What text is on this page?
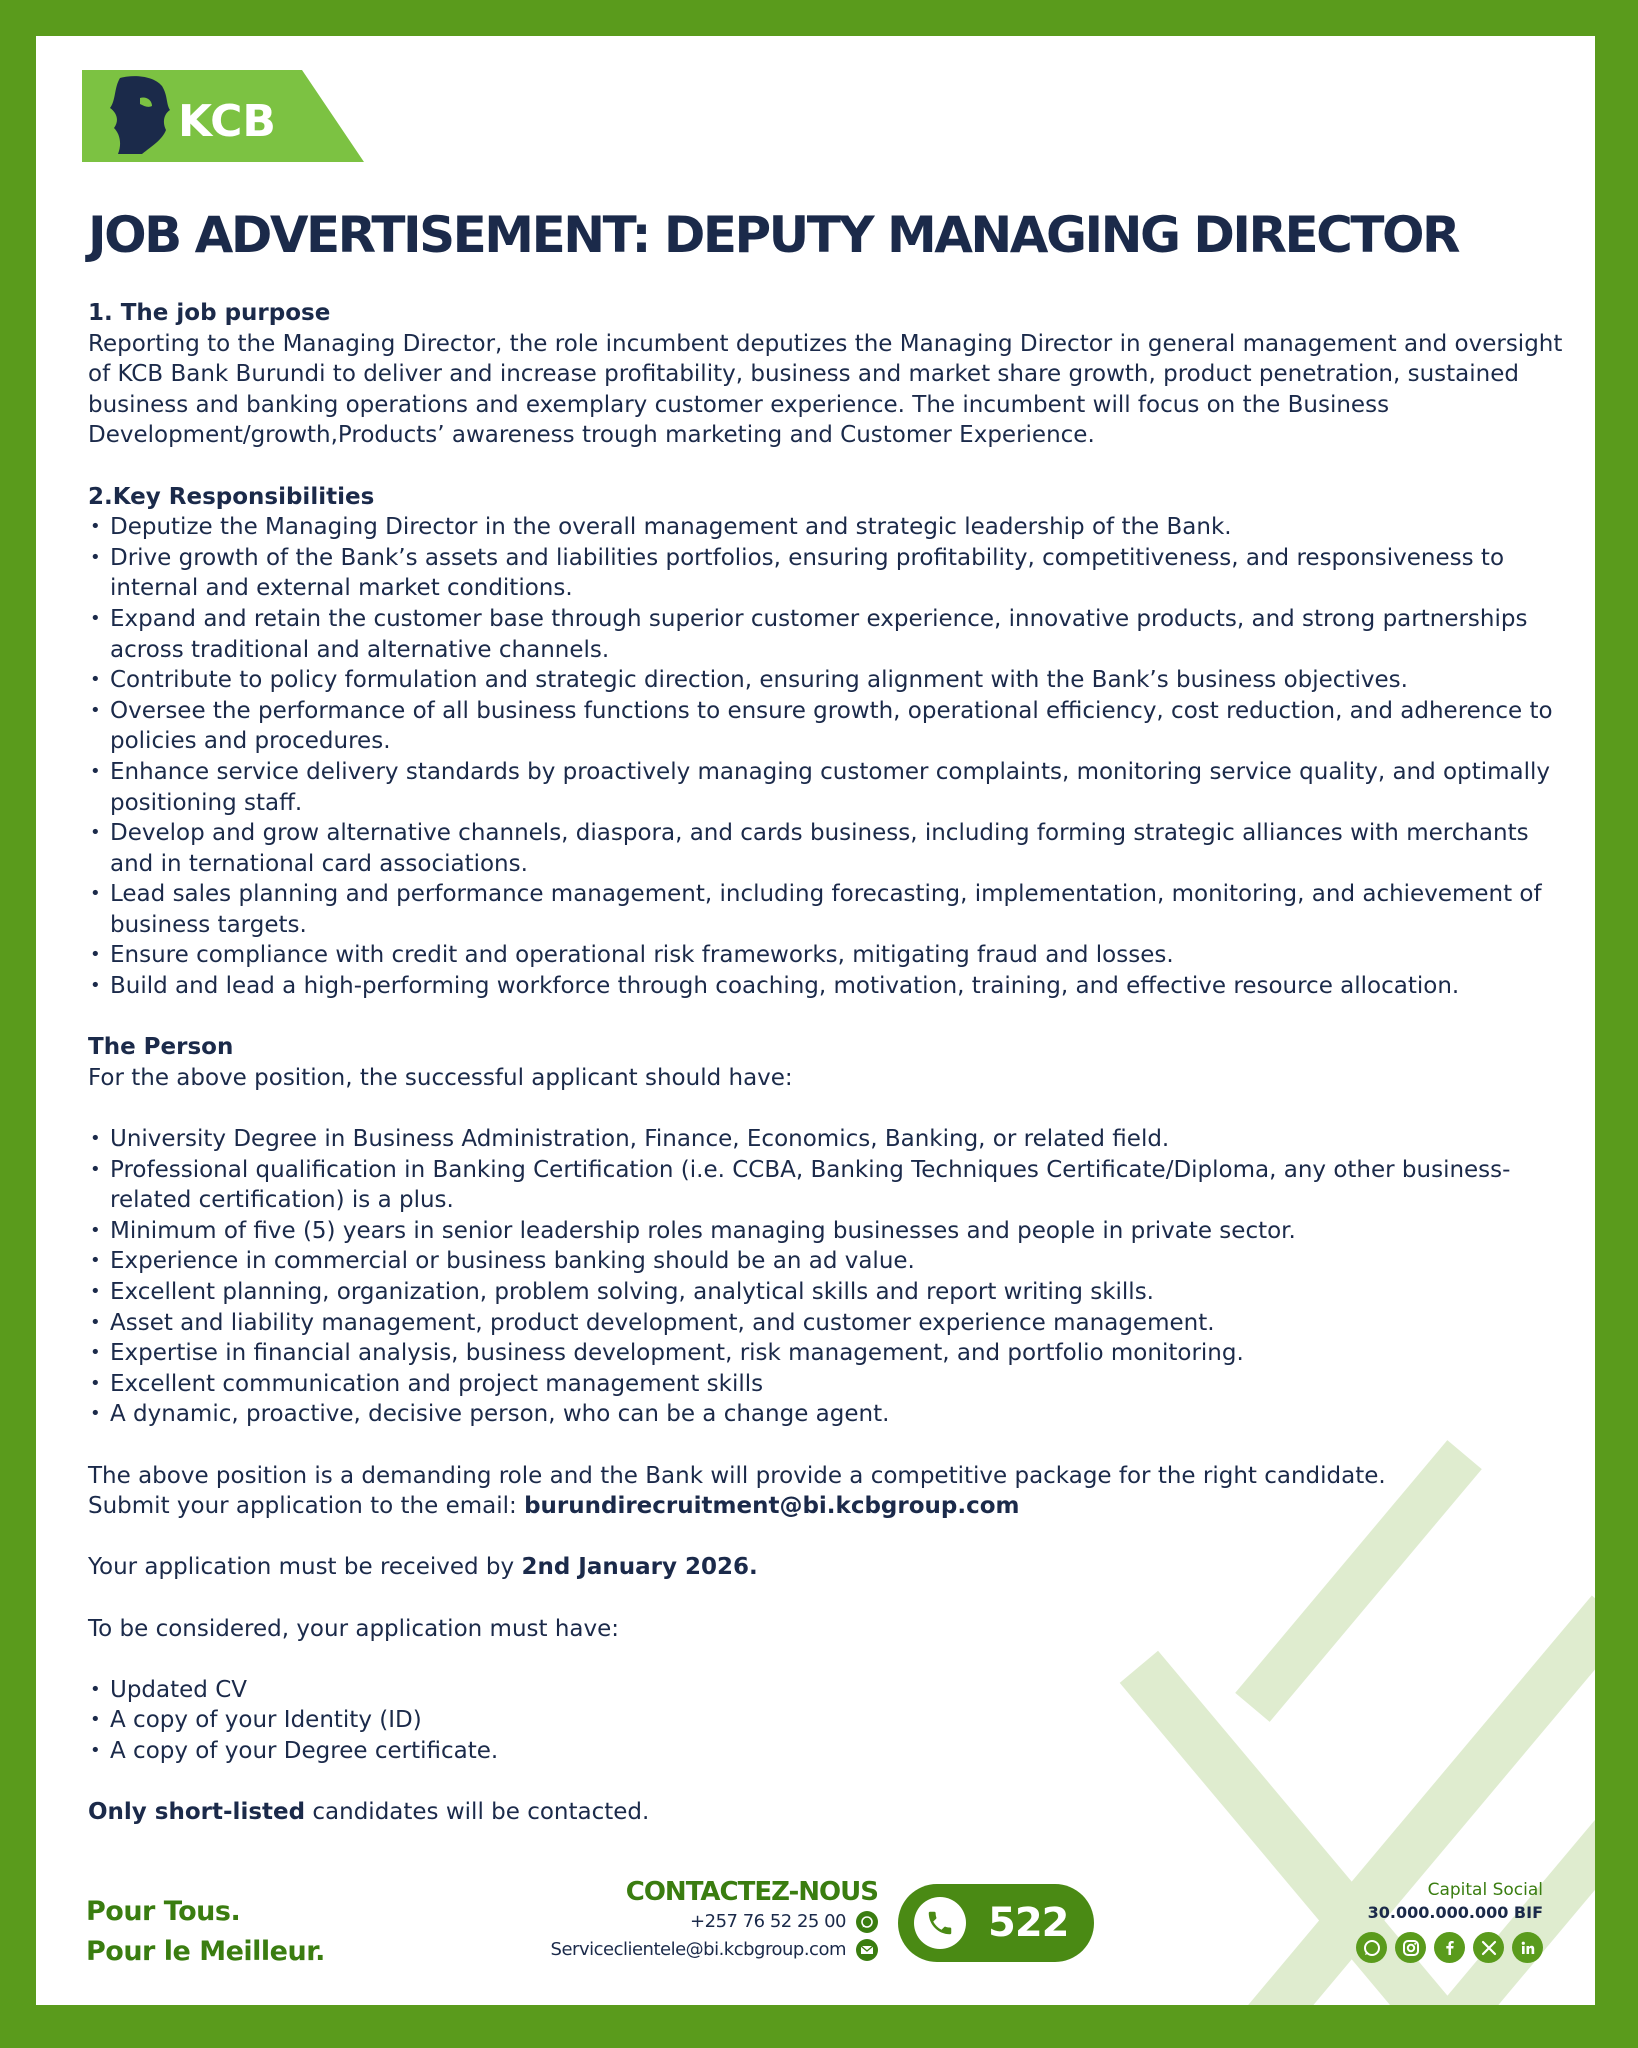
KCB
JOB ADVERTISEMENT: DEPUTY MANAGING DIRECTOR
1. The job purpose

Reporting to the Managing Director, the role incumbent deputizes the Managing Director in general management and oversight of KCB Bank Burundi to deliver and increase profitability, business and market share growth, product penetration, sustained business and banking operations and exemplary customer experience. The incumbent will focus on the Business Development/growth,Products’ awareness trough marketing and Customer Experience.

2.Key Responsibilities
• Deputize the Managing Director in the overall management and strategic leadership of the Bank.
• Drive growth of the Bank’s assets and liabilities portfolios, ensuring profitability, competitiveness, and responsiveness to internal and external market conditions.
• Expand and retain the customer base through superior customer experience, innovative products, and strong partnerships across traditional and alternative channels.
• Contribute to policy formulation and strategic direction, ensuring alignment with the Bank’s business objectives.
• Oversee the performance of all business functions to ensure growth, operational efficiency, cost reduction, and adherence to policies and procedures.
• Enhance service delivery standards by proactively managing customer complaints, monitoring service quality, and optimally positioning staff.
• Develop and grow alternative channels, diaspora, and cards business, including forming strategic alliances with merchants and in ternational card associations.
• Lead sales planning and performance management, including forecasting, implementation, monitoring, and achievement of business targets.
• Ensure compliance with credit and operational risk frameworks, mitigating fraud and losses.
• Build and lead a high-performing workforce through coaching, motivation, training, and effective resource allocation.
The Person

For the above position, the successful applicant should have:

• University Degree in Business Administration, Finance, Economics, Banking, or related field.
• Professional qualification in Banking Certification (i.e. CCBA, Banking Techniques Certificate/Diploma, any other business-related certification) is a plus.
• Minimum of five (5) years in senior leadership roles managing businesses and people in private sector.
• Experience in commercial or business banking should be an ad value.
• Excellent planning, organization, problem solving, analytical skills and report writing skills.
• Asset and liability management, product development, and customer experience management.
• Expertise in financial analysis, business development, risk management, and portfolio monitoring.
• Excellent communication and project management skills
• A dynamic, proactive, decisive person, who can be a change agent.

The above position is a demanding role and the Bank will provide a competitive package for the right candidate.

Submit your application to the email: burundirecruitment@bi.kcbgroup.com

Your application must be received by 2nd January 2026.

To be considered, your application must have:

• Updated CV
• A copy of your Identity (ID)
• A copy of your Degree certificate.

Only short-listed candidates will be contacted.

Pour Tous.
Pour le Meilleur.
CONTACTEZ-NOUS
+257 76 52 25 00
Serviceclientele@bi.kcbgroup.com
522
Capital Social
30.000.000.000 BIF
